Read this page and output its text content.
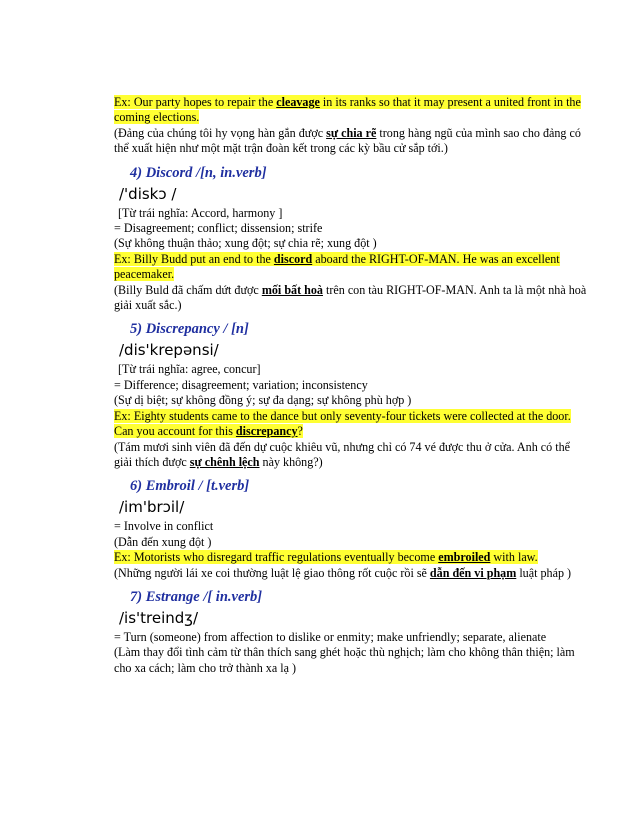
Ex: Our party hopes to repair the cleavage in its ranks so that it may present a united front in the coming elections.

(Đảng của chúng tôi hy vọng hàn gắn được sự chia rẽ trong hàng ngũ của mình sao cho đảng có thể xuất hiện như một mặt trận đoàn kết trong các kỳ bầu cử sắp tới.)

4) Discord /[n, in.verb]
/'diskɔ /

[Từ trái nghĩa: Accord, harmony ]

= Disagreement; conflict; dissension; strife

(Sự không thuận thảo; xung đột; sự chia rẽ; xung đột )

Ex: Billy Budd put an end to the discord aboard the RIGHT-OF-MAN. He was an excellent peacemaker.

(Billy Buld đã chấm dứt được mối bất hoà trên con tàu RIGHT-OF-MAN. Anh ta là một nhà hoà giải xuất sắc.)

5) Discrepancy / [n]
/dis'krepənsi/

[Từ trái nghĩa: agree, concur]

= Difference; disagreement; variation; inconsistency

(Sự dị biệt; sự không đồng ý; sự đa dạng; sự không phù hợp )

Ex: Eighty students came to the dance but only seventy-four tickets were collected at the door. Can you account for this discrepancy?

(Tám mươi sinh viên đã đến dự cuộc khiêu vũ, nhưng chỉ có 74 vé được thu ở cửa. Anh có thể giải thích được sự chênh lệch này không?)

6) Embroil / [t.verb]
/im'brɔil/

= Involve in conflict

(Dẫn đến xung đột )

Ex: Motorists who disregard traffic regulations eventually become embroiled with law.

(Những người lái xe coi thường luật lệ giao thông rốt cuộc rồi sẽ dẫn đến vi phạm luật pháp )

7) Estrange /[ in.verb]
/is'treindʒ/

= Turn (someone) from affection to dislike or enmity; make unfriendly; separate, alienate

(Làm thay đổi tình cảm từ thân thích sang ghét hoặc thù nghịch; làm cho không thân thiện; làm cho xa cách; làm cho trở thành xa lạ )
